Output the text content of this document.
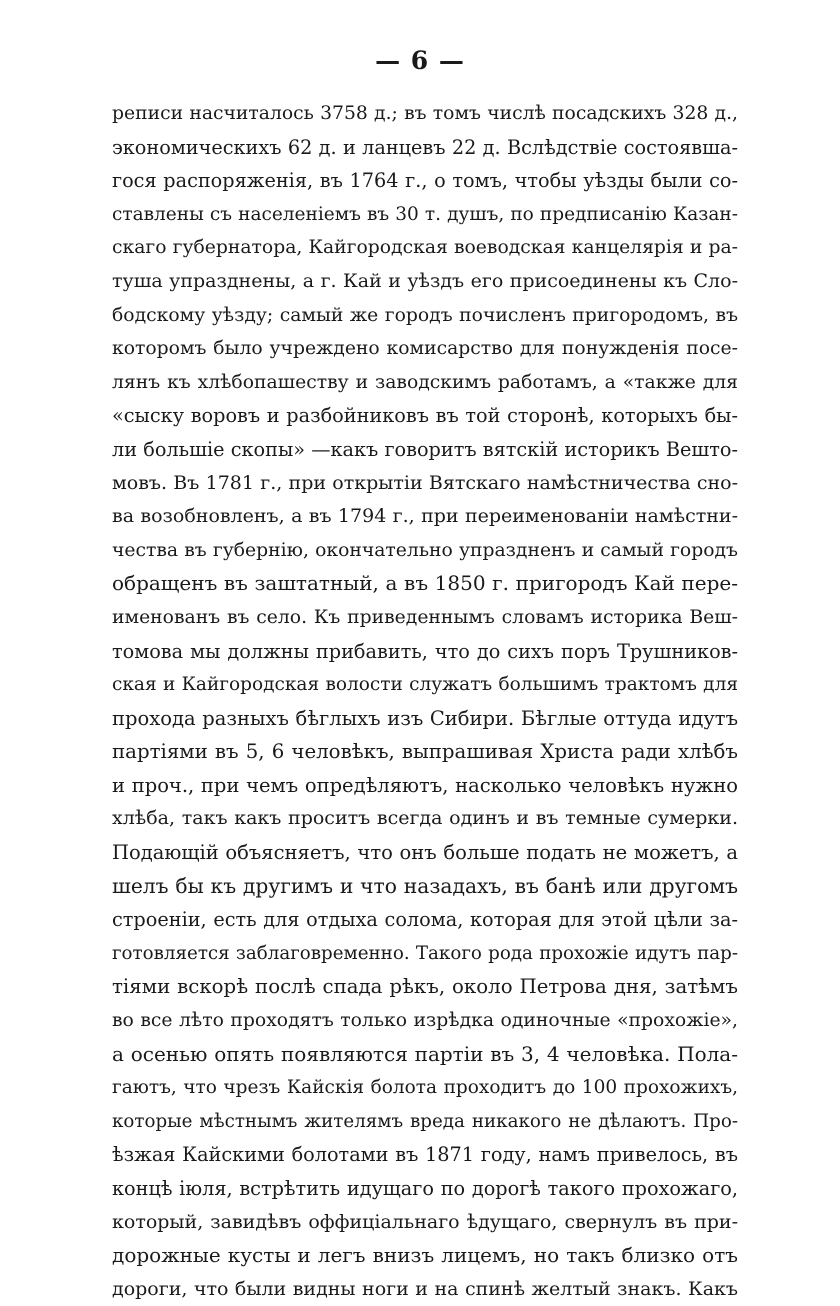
— 6 —
реписи насчиталось 3758 д.; въ томъ числѣ посадскихъ 328 д.,
экономическихъ 62 д. и ланцевъ 22 д. Вслѣдствіе состоявша-
гося распоряженія, въ 1764 г., о томъ, чтобы уѣзды были со-
ставлены съ населеніемъ въ 30 т. душъ, по предписанію Казан-
скаго губернатора, Кайгородская воеводская канцелярія и ра-
туша упразднены, а г. Кай и уѣздъ его присоединены къ Сло-
бодскому уѣзду; самый же городъ почисленъ пригородомъ, въ
которомъ было учреждено комисарство для понужденія посе-
лянъ къ хлѣбопашеству и заводскимъ работамъ, а «также для
«сыску воровъ и разбойниковъ въ той сторонѣ, которыхъ бы-
ли большіе скопы» —какъ говоритъ вятскій историкъ Вешто-
мовъ. Въ 1781 г., при открытіи Вятскаго намѣстничества сно-
ва возобновленъ, а въ 1794 г., при переименованіи намѣстни-
чества въ губернію, окончательно упраздненъ и самый городъ
обращенъ въ заштатный, а въ 1850 г. пригородъ Кай пере-
именованъ въ село. Къ приведеннымъ словамъ историка Веш-
томова мы должны прибавить, что до сихъ поръ Трушников-
ская и Кайгородская волости служатъ большимъ трактомъ для
прохода разныхъ бѣглыхъ изъ Сибири. Бѣглые оттуда идутъ
партіями въ 5, 6 человѣкъ, выпрашивая Христа ради хлѣбъ
и проч., при чемъ опредѣляютъ, насколько человѣкъ нужно
хлѣба, такъ какъ проситъ всегда одинъ и въ темные сумерки.
Подающій объясняетъ, что онъ больше подать не можетъ, а
шелъ бы къ другимъ и что назадахъ, въ банѣ или другомъ
строеніи, есть для отдыха солома, которая для этой цѣли за-
готовляется заблаговременно. Такого рода прохожіе идутъ пар-
тіями вскорѣ послѣ спада рѣкъ, около Петрова дня, затѣмъ
во все лѣто проходятъ только изрѣдка одиночные «прохожіе»,
а осенью опять появляются партіи въ 3, 4 человѣка. Пола-
гаютъ, что чрезъ Кайскія болота проходитъ до 100 прохожихъ,
которые мѣстнымъ жителямъ вреда никакого не дѣлаютъ. Про-
ѣзжая Кайскими болотами въ 1871 году, намъ привелось, въ
концѣ іюля, встрѣтить идущаго по дорогѣ такого прохожаго,
который, завидѣвъ оффиціальнаго ѣдущаго, свернулъ въ при-
дорожные кусты и легъ внизъ лицемъ, но такъ близко отъ
дороги, что были видны ноги и на спинѣ желтый знакъ. Какъ
